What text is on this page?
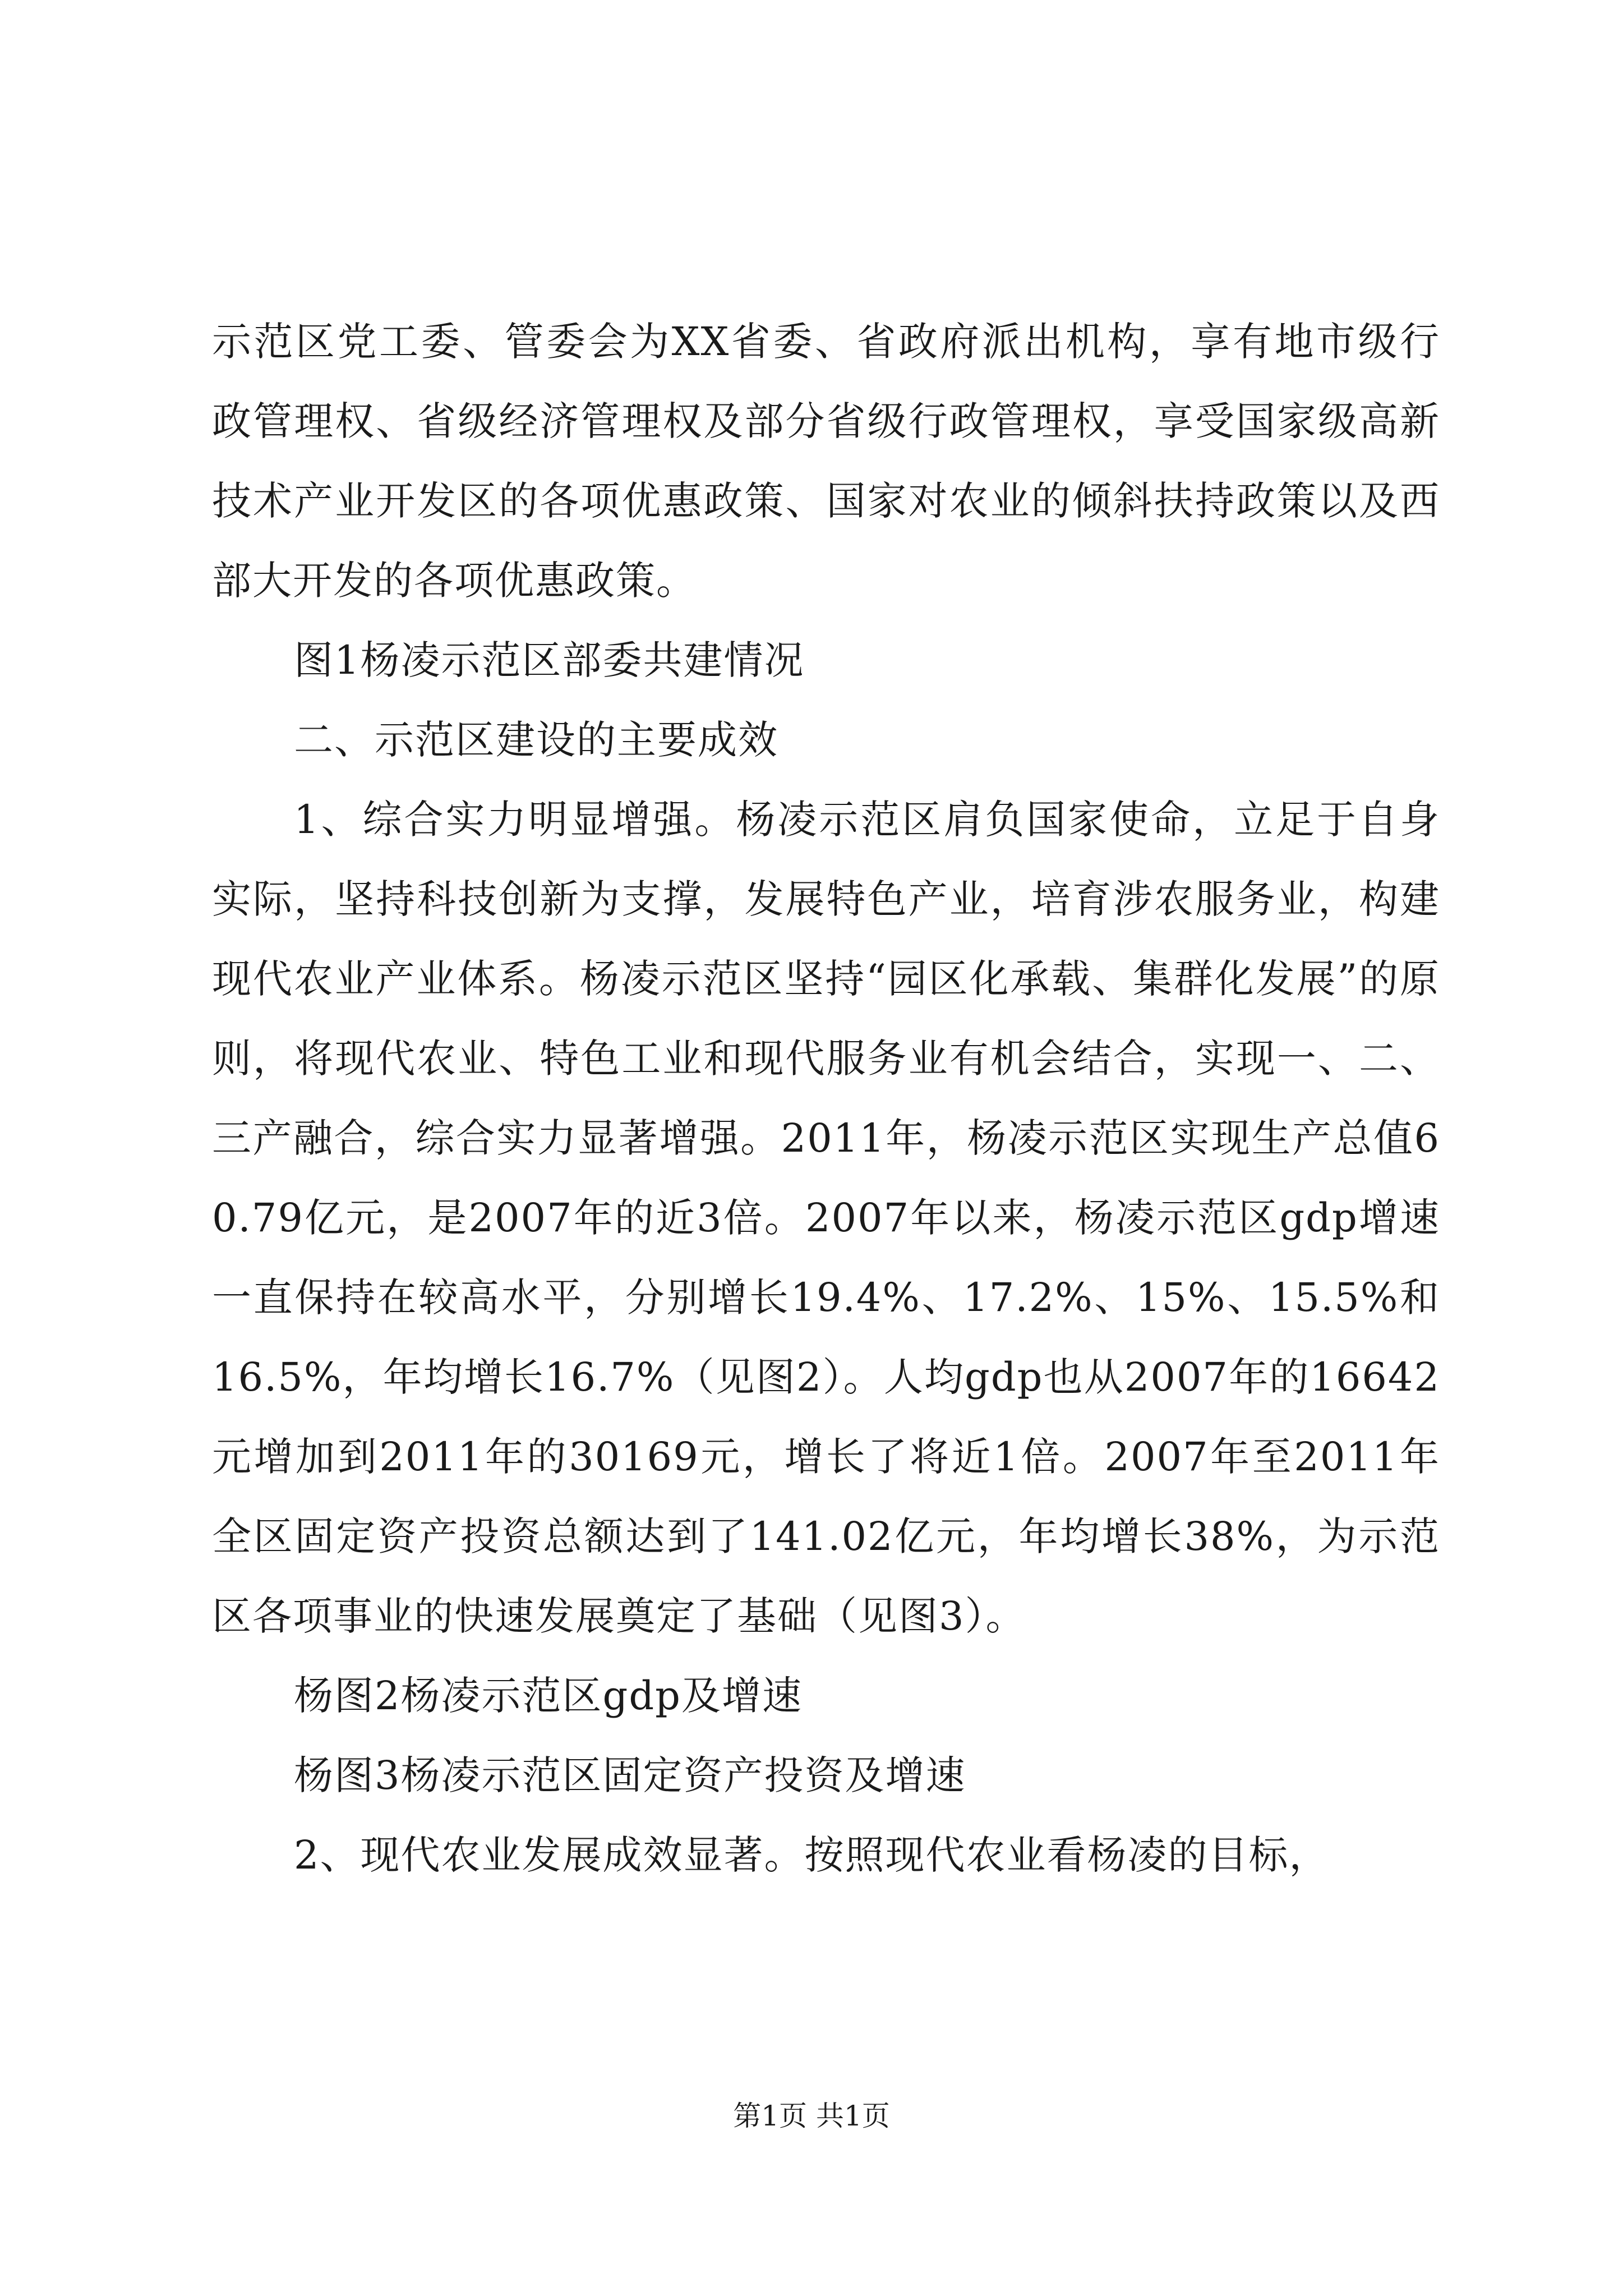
示范区党工委、管委会为XX省委、省政府派出机构，享有地市级行政管理权、省级经济管理权及部分省级行政管理权，享受国家级高新技术产业开发区的各项优惠政策、国家对农业的倾斜扶持政策以及西部大开发的各项优惠政策。

图1杨凌示范区部委共建情况

二、示范区建设的主要成效

1、综合实力明显增强。杨凌示范区肩负国家使命，立足于自身实际，坚持科技创新为支撑，发展特色产业，培育涉农服务业，构建现代农业产业体系。杨凌示范区坚持“园区化承载、集群化发展”的原则，将现代农业、特色工业和现代服务业有机会结合，实现一、二、三产融合，综合实力显著增强。2011年，杨凌示范区实现生产总值60.79亿元，是2007年的近3倍。2007年以来，杨凌示范区gdp增速一直保持在较高水平，分别增长19.4%、17.2%、15%、15.5%和16.5%，年均增长16.7%（见图2）。人均gdp也从2007年的16642元增加到2011年的30169元，增长了将近1倍。2007年至2011年全区固定资产投资总额达到了141.02亿元，年均增长38%，为示范区各项事业的快速发展奠定了基础（见图3）。

杨图2杨凌示范区gdp及增速

杨图3杨凌示范区固定资产投资及增速

2、现代农业发展成效显著。按照现代农业看杨凌的目标，

第1页 共1页
